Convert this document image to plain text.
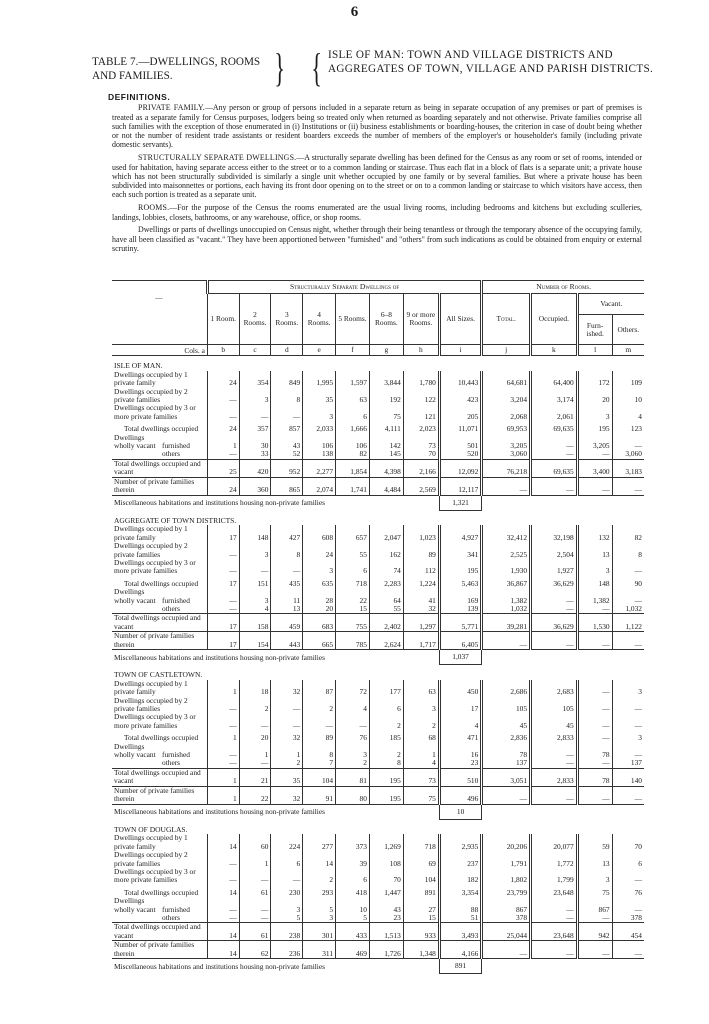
6
TABLE 7.—DWELLINGS, ROOMS AND FAMILIES.	} { ISLE OF MAN: TOWN AND VILLAGE DISTRICTS AND AGGREGATES OF TOWN, VILLAGE AND PARISH DISTRICTS.
DEFINITIONS.

PRIVATE FAMILY.—Any person or group of persons included in a separate return as being in separate occupation of any premises or part of premises is treated as a separate family for Census purposes, lodgers being so treated only when returned as boarding separately and not otherwise. Private families comprise all such families with the exception of those enumerated in (i) Institutions or (ii) business establishments or boarding-houses, the criterion in case of doubt being whether or not the number of resident trade assistants or resident boarders exceeds the number of members of the employer's or householder's family (including private domestic servants).

STRUCTURALLY SEPARATE DWELLINGS.—A structurally separate dwelling has been defined for the Census as any room or set of rooms, intended or used for habitation, having separate access either to the street or to a common landing or staircase. Thus each flat in a block of flats is a separate unit; a private house which has not been structurally subdivided is similarly a single unit whether occupied by one family or by several families. But where a private house has been subdivided into maisonnettes or portions, each having its front door opening on to the street or on to a common landing or staircase to which visitors have access, then each such portion is treated as a separate unit.

ROOMS.—For the purpose of the Census the rooms enumerated are the usual living rooms, including bedrooms and kitchens but excluding sculleries, landings, lobbies, closets, bathrooms, or any warehouse, office, or shop rooms.

Dwellings or parts of dwellings unoccupied on Census night, whether through their being tenantless or through the temporary absence of the occupying family, have all been classified as "vacant." They have been apportioned between "furnished" and "others" from such indications as could be obtained from enquiry or external scrutiny.

—	Structurally Separate Dwellings of								Number of Rooms.			
	1 Room.	2 Rooms.	3 Rooms.	4 Rooms.	5 Rooms.	6–8 Rooms.	9 or more Rooms.	All Sizes.	Total.	Occupied.	Vacant.	
											Furn-ished.	Others.
Cols. a	b	c	d	e	f	g	h	i	j	k	l	m
ISLE OF MAN.												
Dwellings occupied by 1 private family	24	354	849	1,995	1,597	3,844	1,780	10,443	64,681	64,400	172	109
Dwellings occupied by 2 private families	—	3	8	35	63	192	122	423	3,204	3,174	20	10
Dwellings occupied by 3 or more private families	—	—	—	3	6	75	121	205	2,068	2,061	3	4

Total dwellings occupied	24	357	857	2,033	1,666	4,111	2,023	11,071	69,953	69,635	195	123
Dwellings wholly vacant furnished	1	30	43	106	106	142	73	501	3,205	—	3,205	—
others	—	33	52	138	82	145	70	520	3,060	—	—	3,060
Total dwellings occupied and vacant	25	420	952	2,277	1,854	4,398	2,166	12,092	76,218	69,635	3,400	3,183
Number of private families therein	24	360	865	2,074	1,741	4,484	2,569	12,117	—	—	—	—
Miscellaneous habitations and institutions housing non-private families								1,321				
AGGREGATE OF TOWN DISTRICTS.												
Dwellings occupied by 1 private family	17	148	427	608	657	2,047	1,023	4,927	32,412	32,198	132	82
Dwellings occupied by 2 private families	—	3	8	24	55	162	89	341	2,525	2,504	13	8
Dwellings occupied by 3 or more private families	—	—	—	3	6	74	112	195	1,930	1,927	3	—

Total dwellings occupied	17	151	435	635	718	2,283	1,224	5,463	36,867	36,629	148	90
Dwellings wholly vacant furnished	—	3	11	28	22	64	41	169	1,382	—	1,382	—
others	—	4	13	20	15	55	32	139	1,032	—	—	1,032
Total dwellings occupied and vacant	17	158	459	683	755	2,402	1,297	5,771	39,281	36,629	1,530	1,122
Number of private families therein	17	154	443	665	785	2,624	1,717	6,405	—	—	—	—
Miscellaneous habitations and institutions housing non-private families								1,037				
TOWN OF CASTLETOWN.												
Dwellings occupied by 1 private family	1	18	32	87	72	177	63	450	2,686	2,683	—	3
Dwellings occupied by 2 private families	—	2	—	2	4	6	3	17	105	105	—	—
Dwellings occupied by 3 or more private families	—	—	—	—	—	2	2	4	45	45	—	—

Total dwellings occupied	1	20	32	89	76	185	68	471	2,836	2,833	—	3
Dwellings wholly vacant furnished	—	1	1	8	3	2	1	16	78	—	78	—
others	—	—	2	7	2	8	4	23	137	—	—	137
Total dwellings occupied and vacant	1	21	35	104	81	195	73	510	3,051	2,833	78	140
Number of private families therein	1	22	32	91	80	195	75	496	—	—	—	—
Miscellaneous habitations and institutions housing non-private families								10				
TOWN OF DOUGLAS.												
Dwellings occupied by 1 private family	14	60	224	277	373	1,269	718	2,935	20,206	20,077	59	70
Dwellings occupied by 2 private families	—	1	6	14	39	108	69	237	1,791	1,772	13	6
Dwellings occupied by 3 or more private families	—	—	—	2	6	70	104	182	1,802	1,799	3	—

Total dwellings occupied	14	61	230	293	418	1,447	891	3,354	23,799	23,648	75	76
Dwellings wholly vacant furnished	—	—	3	5	10	43	27	88	867	—	867	—
others	—	—	5	3	5	23	15	51	378	—	—	378
Total dwellings occupied and vacant	14	61	238	301	433	1,513	933	3,493	25,044	23,648	942	454
Number of private families therein	14	62	236	311	469	1,726	1,348	4,166	—	—	—	—
Miscellaneous habitations and institutions housing non-private families								891				
